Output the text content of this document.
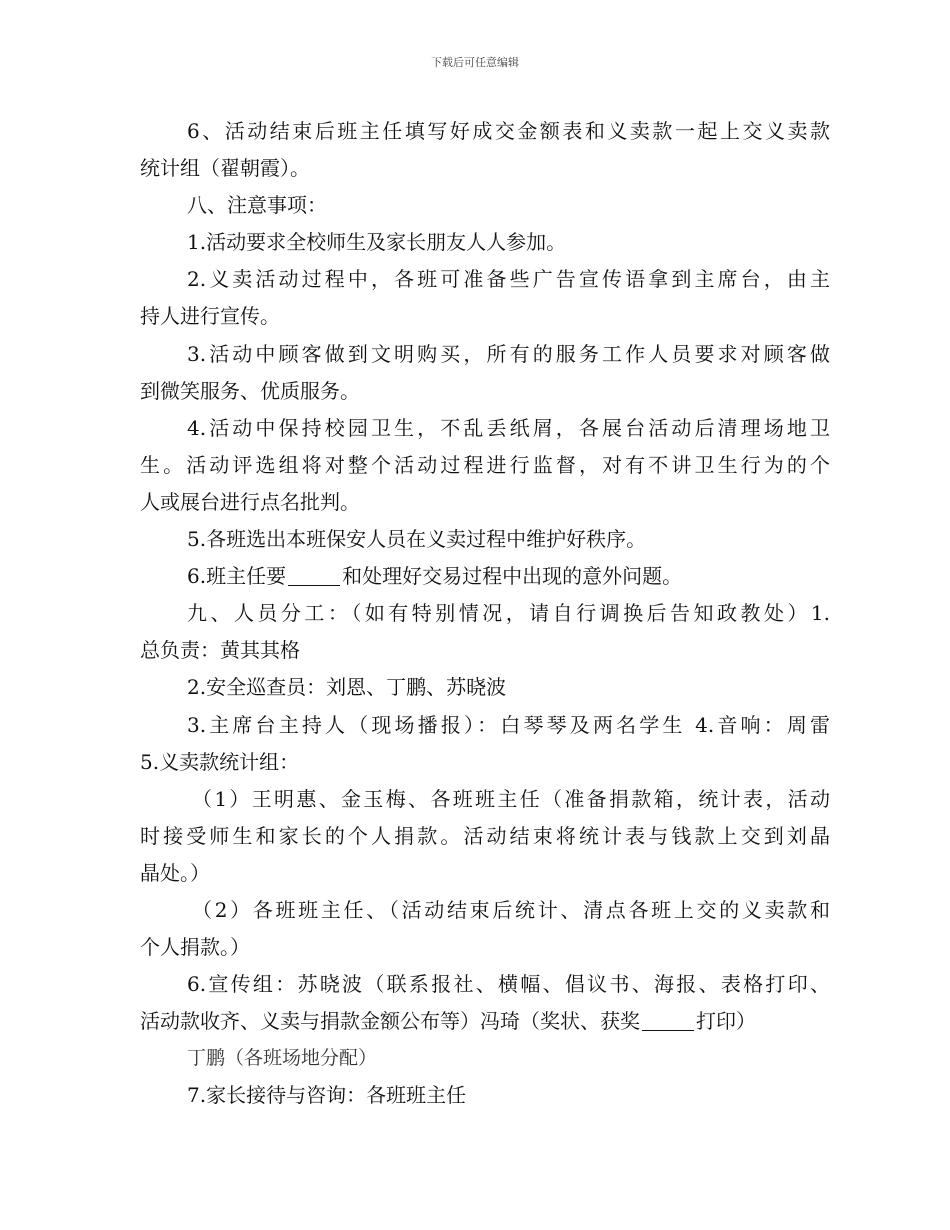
下载后可任意编辑
6、活动结束后班主任填写好成交金额表和义卖款一起上交义卖款
统计组（翟朝霞）。
八、注意事项：
1.活动要求全校师生及家长朋友人人参加。
2.义卖活动过程中，各班可准备些广告宣传语拿到主席台，由主
持人进行宣传。
3.活动中顾客做到文明购买，所有的服务工作人员要求对顾客做
到微笑服务、优质服务。
4.活动中保持校园卫生，不乱丢纸屑，各展台活动后清理场地卫
生。活动评选组将对整个活动过程进行监督，对有不讲卫生行为的个
人或展台进行点名批判。
5.各班选出本班保安人员在义卖过程中维护好秩序。
6.班主任要	和处理好交易过程中出现的意外问题。
九、人员分工：（如有特别情况，请自行调换后告知政教处）1.
总负责：黄其其格
2.安全巡查员：刘恩、丁鹏、苏晓波
3.主席台主持人（现场播报）：白琴琴及两名学生 4.音响：周雷
5.义卖款统计组：
（1）王明惠、金玉梅、各班班主任（准备捐款箱，统计表，活动
时接受师生和家长的个人捐款。活动结束将统计表与钱款上交到刘晶
晶处。）
（2）各班班主任、（活动结束后统计、清点各班上交的义卖款和
个人捐款。）
6.宣传组：苏晓波（联系报社、横幅、倡议书、海报、表格打印、
活动款收齐、义卖与捐款金额公布等）冯琦（奖状、获奖	打印）
丁鹏（各班场地分配）
7.家长接待与咨询：各班班主任
